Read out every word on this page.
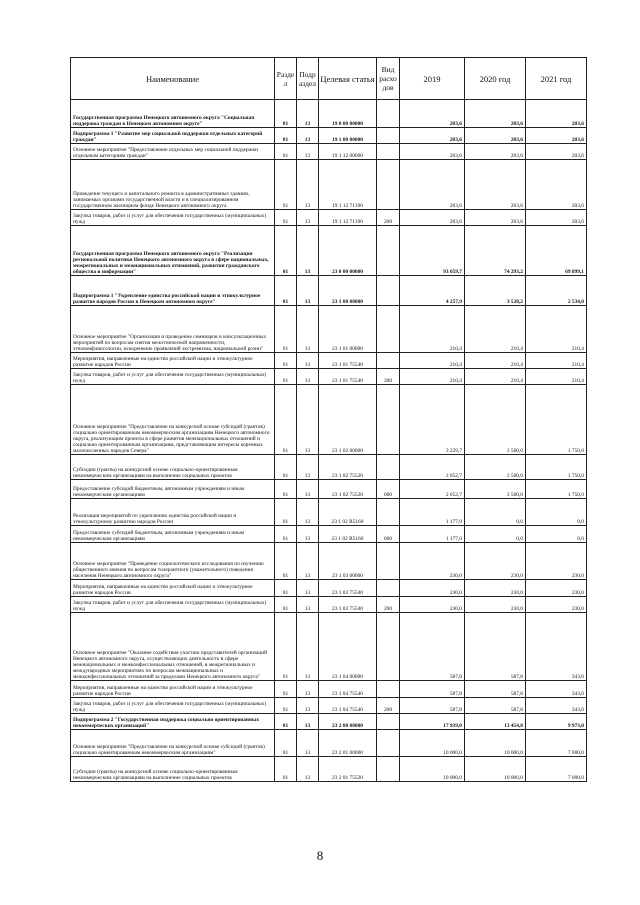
Наименование	Разде л	Подр аздел	Целевая статья	Вид расхо дов	2019	2020 год	2021 год
Государственная программа Ненецкого автономного округа "Социальная поддержка граждан в Ненецком автономном округе"	01	13	19 0 00 00000		203,6	203,6	203,6
Подпрограмма 1 "Развитие мер социальной поддержки отдельных категорий граждан"	01	13	19 1 00 00000		203,6	203,6	203,6
Основное мероприятие "Предоставление отдельных мер социальной поддержки отдельным категориям граждан"	01	13	19 1 12 00000		203,6	203,6	203,6
Проведение текущего и капитального ремонта в административных зданиях, занимаемых органами государственной власти и в специализированном государственном жилищном фонде Ненецкого автономного округа	01	13	19 1 12 71190		203,6	203,6	203,6
Закупка товаров, работ и услуг для обеспечения государственных (муниципальных) нужд	01	13	19 1 12 71190	200	203,6	203,6	203,6
Государственная программа Ненецкого автономного округа "Реализация региональной политики Ненецкого автономного округа в сфере национальных, межрегиональных и межнациональных отношений, развития гражданского общества и информации"	01	13	23 0 00 00000		93 659,7	74 293,2	69 899,1
Подпрограмма 1 "Укрепление единства российской нации и этнокультурное развитие народов России в Ненецком автономном округе"	01	13	23 1 00 00000		4 257,9	3 528,2	2 534,0
Основное мероприятие "Организация и проведение семинаров и консультационных мероприятий по вопросам снятия межэтнической напряженности, этноконфликтологии, искоренение проявлений экстремизма, национальной розни"	01	13	23 1 01 00000		210,4	210,4	210,4
Мероприятия, направленные на единство российской нации и этнокультурное развитие народов России	01	13	23 1 01 75540		210,4	210,4	210,4
Закупка товаров, работ и услуг для обеспечения государственных (муниципальных) нужд	01	13	23 1 01 75540	200	210,4	210,4	210,4
Основное мероприятие "Предоставление на конкурсной основе субсидий (грантов) социально ориентированным некоммерческим организациям Ненецкого автономного округа, реализующим проекты в сфере развития межнациональных отношений и социально ориентированным организациям, представляющим интересы коренных малочисленных народов Севера"	01	13	23 1 02 00000		3 229,7	2 500,0	1 750,0
Субсидии (гранты) на конкурсной основе социально-ориентированным некоммерческим организациям на выполнение социальных проектов	01	13	23 1 02 75520		2 052,7	2 500,0	1 750,0
Предоставление субсидий бюджетным, автономным учреждениям и иным некоммерческим организациям	01	13	23 1 02 75520	600	2 052,7	2 500,0	1 750,0
Реализация мероприятий по укреплению единства российской нации и этнокультурному развитию народов России	01	13	23 1 02 R5160		1 177,0	0,0	0,0
Предоставление субсидий бюджетным, автономным учреждениям и иным некоммерческим организациям	01	13	23 1 02 R5160	600	1 177,0	0,0	0,0
Основное мероприятие "Проведение социологического исследования по изучению общественного мнения по вопросам толерантного (уважительного) поведения населения Ненецкого автономного округа"	01	13	23 1 03 00000		230,0	230,0	230,0
Мероприятия, направленные на единство российской нации и этнокультурное развитие народов России	01	13	23 1 03 75540		230,0	230,0	230,0
Закупка товаров, работ и услуг для обеспечения государственных (муниципальных) нужд	01	13	23 1 03 75540	200	230,0	230,0	230,0
Основное мероприятие "Оказание содействия участию представителей организаций Ненецкого автономного округа, осуществляющих деятельность в сфере межнациональных и межконфессиональных отношений, в межрегиональных и международных мероприятиях по вопросам межнациональных и межконфессиональных отношений за пределами Ненецкого автономного округа"	01	13	23 1 04 00000		587,8	587,8	343,6
Мероприятия, направленные на единство российской нации и этнокультурное развитие народов России	01	13	23 1 04 75540		587,8	587,8	343,6
Закупка товаров, работ и услуг для обеспечения государственных (муниципальных) нужд	01	13	23 1 04 75540	200	587,8	587,8	343,6
Подпрограмма 2 "Государственная поддержка социально ориентированных некоммерческих организаций"	01	13	23 2 00 00000		17 939,0	13 454,8	9 973,0
Основное мероприятие "Предоставление на конкурсной основе субсидий (грантов) социально ориентированным некоммерческим организациям"	01	13	23 2 01 00000		10 000,0	10 000,0	7 000,0
Субсидии (гранты) на конкурсной основе социально-ориентированным некоммерческим организациям на выполнение социальных проектов	01	13	23 2 01 75520		10 000,0	10 000,0	7 000,0
8
